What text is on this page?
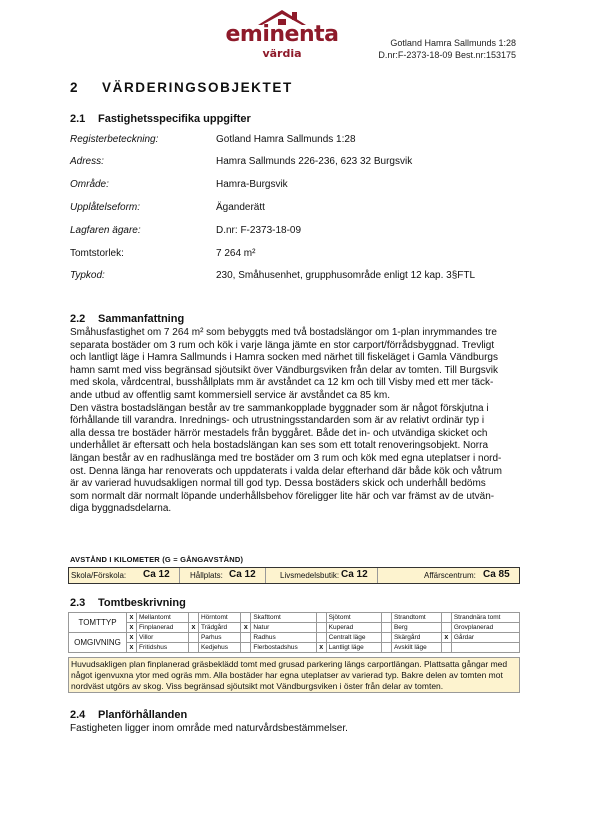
eminenta
värdia
Gotland Hamra Sallmunds 1:28
D.nr:F-2373-18-09 Best.nr:153175
2 VÄRDERINGSOBJEKTET
2.1 Fastighetsspecifika uppgifter
Registerbeteckning:	Gotland Hamra Sallmunds 1:28
Adress:	Hamra Sallmunds 226-236, 623 32 Burgsvik
Område:	Hamra-Burgsvik
Upplåtelseform:	Äganderätt
Lagfaren ägare:	D.nr: F-2373-18-09
Tomtstorlek:	7 264 m²
Typkod:	230, Småhusenhet, grupphusområde enligt 12 kap. 3§FTL
2.2 Sammanfattning

Småhusfastighet om 7 264 m² som bebyggts med två bostadslängor om 1-plan inrymmandes tre

separata bostäder om 3 rum och kök i varje länga jämte en stor carport/förrådsbyggnad. Trevligt

och lantligt läge i Hamra Sallmunds i Hamra socken med närhet till fiskeläget i Gamla Vändburgs

hamn samt med viss begränsad sjöutsikt över Vändburgsviken från delar av tomten. Till Burgsvik

med skola, vårdcentral, busshållplats mm är avståndet ca 12 km och till Visby med ett mer täck-

ande utbud av offentlig samt kommersiell service är avståndet ca 85 km.

Den västra bostadslängan består av tre sammankopplade byggnader som är något förskjutna i

förhållande till varandra. Inrednings- och utrustningsstandarden som är av relativt ordinär typ i

alla dessa tre bostäder härrör mestadels från byggåret. Både det in- och utvändiga skicket och

underhållet är eftersatt och hela bostadslängan kan ses som ett totalt renoveringsobjekt. Norra

längan består av en radhuslänga med tre bostäder om 3 rum och kök med egna uteplatser i nord-

ost. Denna länga har renoverats och uppdaterats i valda delar efterhand där både kök och våtrum

är av varierad huvudsakligen normal till god typ. Dessa bostäders skick och underhåll bedöms

som normalt där normalt löpande underhållsbehov föreligger lite här och var främst av de utvän-

diga byggnadsdelarna.

AVSTÅND I KILOMETER (G = GÅNGAVSTÅND)
Skola/Förskola: Ca 12	Hållplats: Ca 12	Livsmedelsbutik: Ca 12	Affärscentrum: Ca 85
2.3 Tomtbeskrivning
TOMTTYP	x	Mellantomt		Hörntomt		Skafttomt		Sjötomt		Strandtomt		Strandnära tomt
	x	Finplanerad	x	Trädgård	x	Natur		Kuperad		Berg		Grovplanerad
OMGIVNING	x	Villor		Parhus		Radhus		Centralt läge		Skärgård	x	Gårdar
	x	Fritidshus		Kedjehus		Flerbostadshus	x	Lantligt läge		Avskilt läge		
Huvudsakligen plan finplanerad gräsbeklädd tomt med grusad parkering längs carportlängan. Plattsatta gångar med
något igenvuxna ytor med ogräs mm. Alla bostäder har egna uteplatser av varierad typ. Bakre delen av tomten mot
nordväst utgörs av skog. Viss begränsad sjöutsikt mot Vändburgsviken i öster från delar av tomten.
2.4 Planförhållanden
Fastigheten ligger inom område med naturvårdsbestämmelser.
